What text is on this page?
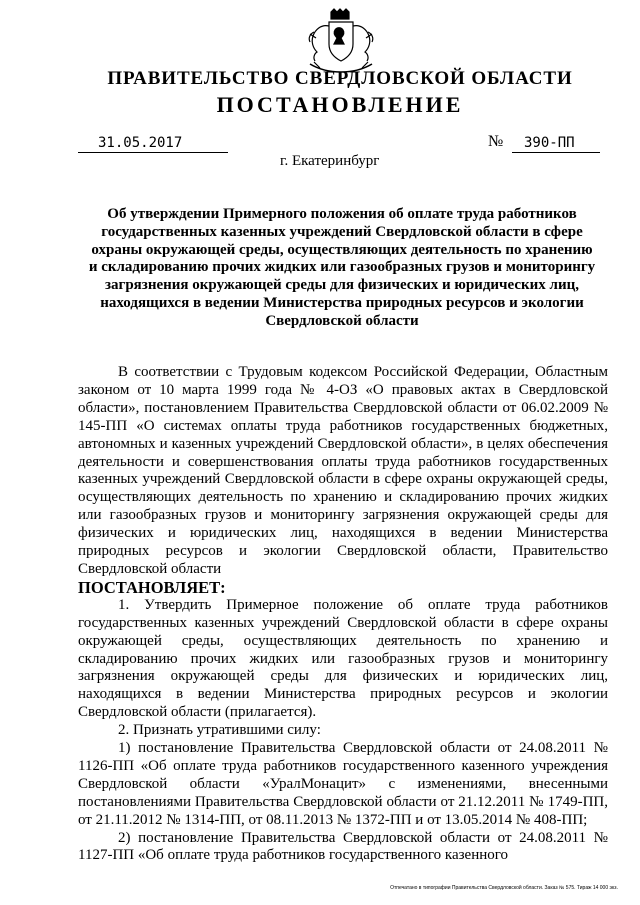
ПРАВИТЕЛЬСТВО СВЕРДЛОВСКОЙ ОБЛАСТИ
ПОСТАНОВЛЕНИЕ
31.05.2017	№	390-ПП
г. Екатеринбург
Об утверждении Примерного положения об оплате труда работников государственных казенных учреждений Свердловской области в сфере охраны окружающей среды, осуществляющих деятельность по хранению и складированию прочих жидких или газообразных грузов и мониторингу загрязнения окружающей среды для физических и юридических лиц, находящихся в ведении Министерства природных ресурсов и экологии Свердловской области

В соответствии с Трудовым кодексом Российской Федерации, Областным законом от 10 марта 1999 года № 4-ОЗ «О правовых актах в Свердловской области», постановлением Правительства Свердловской области от 06.02.2009 № 145-ПП «О системах оплаты труда работников государственных бюджетных, автономных и казенных учреждений Свердловской области», в целях обеспечения деятельности и совершенствования оплаты труда работников государственных казенных учреждений Свердловской области в сфере охраны окружающей среды, осуществляющих деятельность по хранению и складированию прочих жидких или газообразных грузов и мониторингу загрязнения окружающей среды для физических и юридических лиц, находящихся в ведении Министерства природных ресурсов и экологии Свердловской области, Правительство Свердловской области

ПОСТАНОВЛЯЕТ:

1. Утвердить Примерное положение об оплате труда работников государственных казенных учреждений Свердловской области в сфере охраны окружающей среды, осуществляющих деятельность по хранению и складированию прочих жидких или газообразных грузов и мониторингу загрязнения окружающей среды для физических и юридических лиц, находящихся в ведении Министерства природных ресурсов и экологии Свердловской области (прилагается).

2. Признать утратившими силу:

1) постановление Правительства Свердловской области от 24.08.2011 № 1126-ПП «Об оплате труда работников государственного казенного учреждения Свердловской области «УралМонацит» с изменениями, внесенными постановлениями Правительства Свердловской области от 21.12.2011 № 1749-ПП, от 21.11.2012 № 1314-ПП, от 08.11.2013 № 1372-ПП и от 13.05.2014 № 408-ПП;

2) постановление Правительства Свердловской области от 24.08.2011 № 1127-ПП «Об оплате труда работников государственного казенного

Отпечатано в типографии Правительства Свердловской области. Заказ № 575. Тираж 14 000 экз.
